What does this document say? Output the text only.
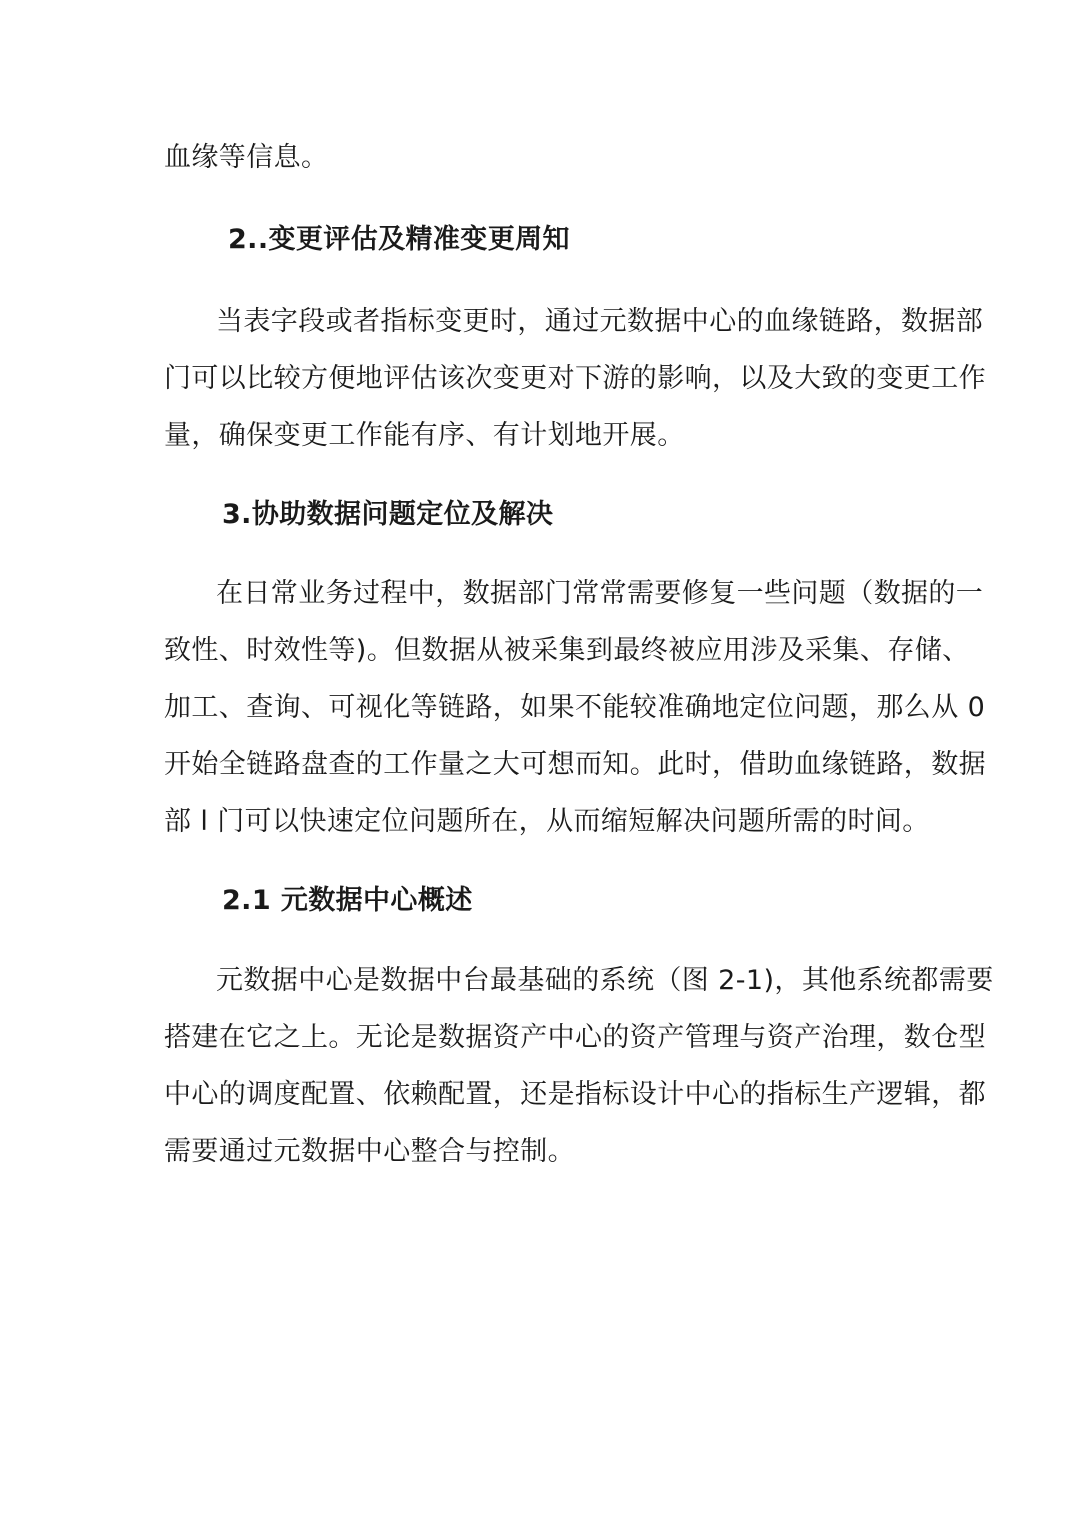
血缘等信息。
2..变更评估及精准变更周知
当表字段或者指标变更时，通过元数据中心的血缘链路，数据部
门可以比较方便地评估该次变更对下游的影响，以及大致的变更工作
量，确保变更工作能有序、有计划地开展。
3.协助数据问题定位及解决
在日常业务过程中，数据部门常常需要修复一些问题（数据的一
致性、时效性等)。但数据从被采集到最终被应用涉及采集、存储、
加工、查询、可视化等链路，如果不能较准确地定位问题，那么从 0
开始全链路盘查的工作量之大可想而知。此时，借助血缘链路，数据
部 l 门可以快速定位问题所在，从而缩短解决问题所需的时间。
2.1 元数据中心概述
元数据中心是数据中台最基础的系统（图 2-1)，其他系统都需要
搭建在它之上。无论是数据资产中心的资产管理与资产治理，数仓型
中心的调度配置、依赖配置，还是指标设计中心的指标生产逻辑，都
需要通过元数据中心整合与控制。
